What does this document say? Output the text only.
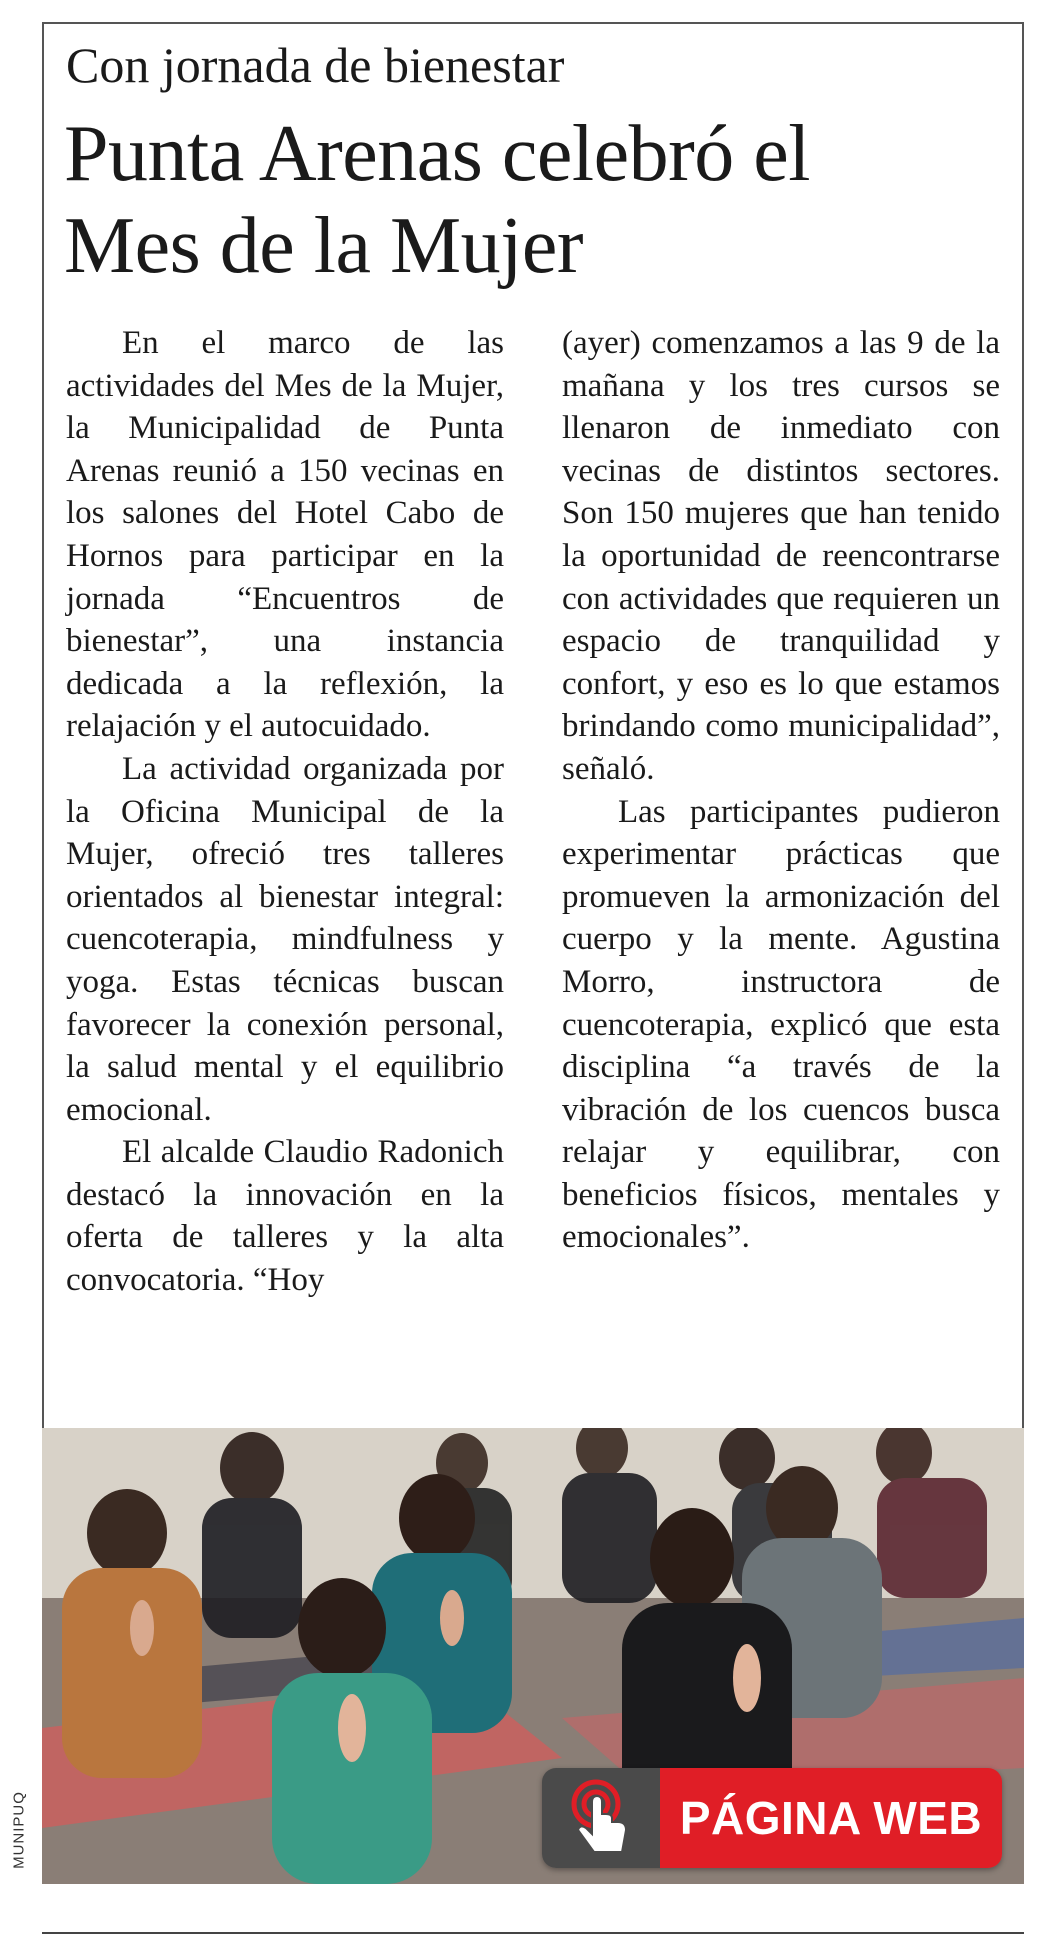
Con jornada de bienestar
Punta Arenas celebró el
Mes de la Mujer

En el marco de las actividades del Mes de la Mujer, la Municipalidad de Punta Arenas reunió a 150 vecinas en los salones del Hotel Cabo de Hornos para participar en la jornada “Encuentros de bienestar”, una instancia dedicada a la reflexión, la relajación y el autocuidado.

La actividad organizada por la Oficina Municipal de la Mujer, ofreció tres talleres orientados al bienestar integral: cuencoterapia, mindfulness y yoga. Estas técnicas buscan favorecer la conexión personal, la salud mental y el equilibrio emocional.

El alcalde Claudio Radonich destacó la innovación en la oferta de talleres y la alta convocatoria. “Hoy

(ayer) comenzamos a las 9 de la mañana y los tres cursos se llenaron de inmediato con vecinas de distintos sectores. Son 150 mujeres que han tenido la oportunidad de reencontrarse con actividades que requieren un espacio de tranquilidad y confort, y eso es lo que estamos brindando como municipalidad”, señaló.

Las participantes pudieron experimentar prácticas que promueven la armonización del cuerpo y la mente. Agustina Morro, instructora de cuencoterapia, explicó que esta disciplina “a través de la vibración de los cuencos busca relajar y equilibrar, con beneficios físicos, mentales y emocionales”.

MUNIPUQ	PÁGINA WEB
